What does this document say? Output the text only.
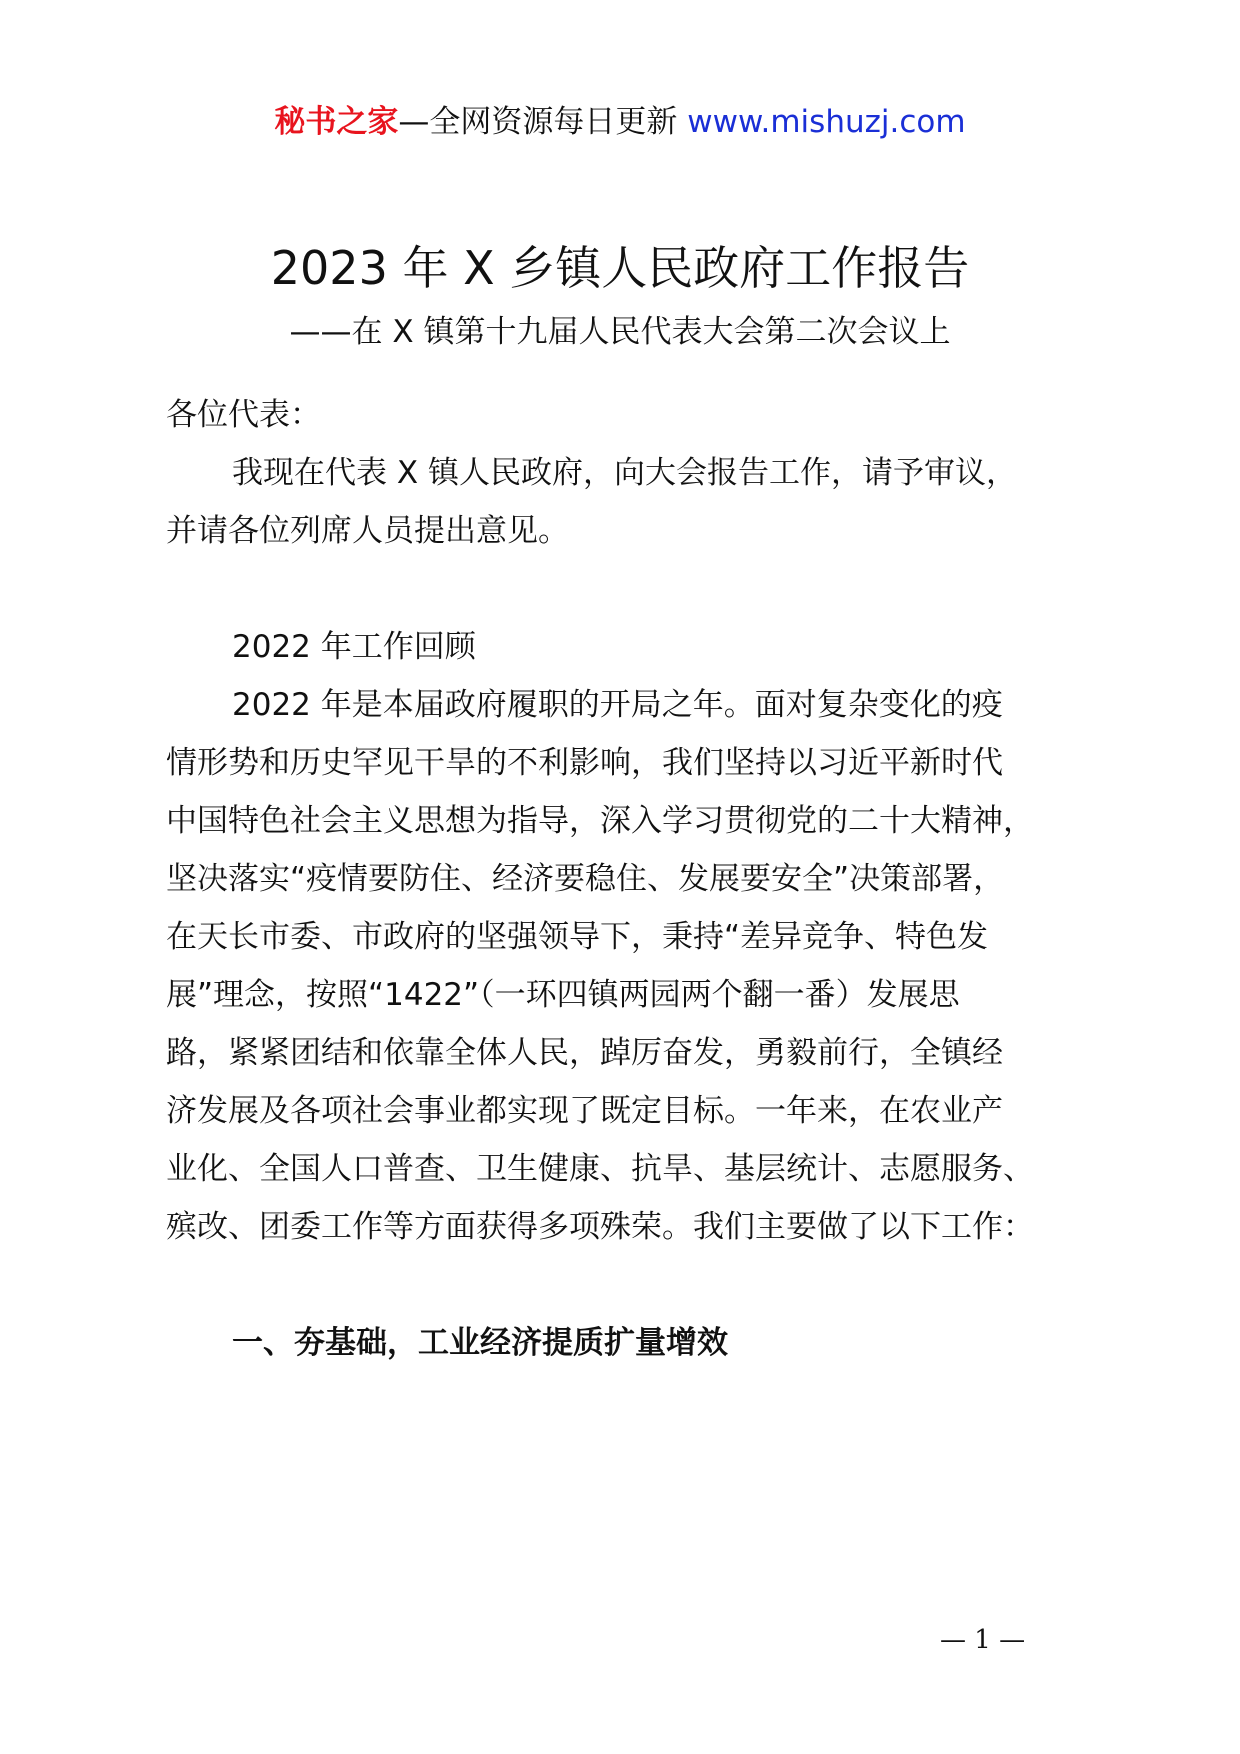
秘书之家—全网资源每日更新 www.mishuzj.com
2023 年 X 乡镇人民政府工作报告
——在 X 镇第十九届人民代表大会第二次会议上
各位代表：
我现在代表 X 镇人民政府，向大会报告工作，请予审议，
并请各位列席人员提出意见。
2022 年工作回顾
2022 年是本届政府履职的开局之年。面对复杂变化的疫
情形势和历史罕见干旱的不利影响，我们坚持以习近平新时代
中国特色社会主义思想为指导，深入学习贯彻党的二十大精神，
坚决落实“疫情要防住、经济要稳住、发展要安全”决策部署，
在天长市委、市政府的坚强领导下，秉持“差异竞争、特色发
展”理念，按照“1422”（一环四镇两园两个翻一番）发展思
路，紧紧团结和依靠全体人民，踔厉奋发，勇毅前行，全镇经
济发展及各项社会事业都实现了既定目标。一年来，在农业产
业化、全国人口普查、卫生健康、抗旱、基层统计、志愿服务、
殡改、团委工作等方面获得多项殊荣。我们主要做了以下工作：
一、夯基础，工业经济提质扩量增效
— 1 —
